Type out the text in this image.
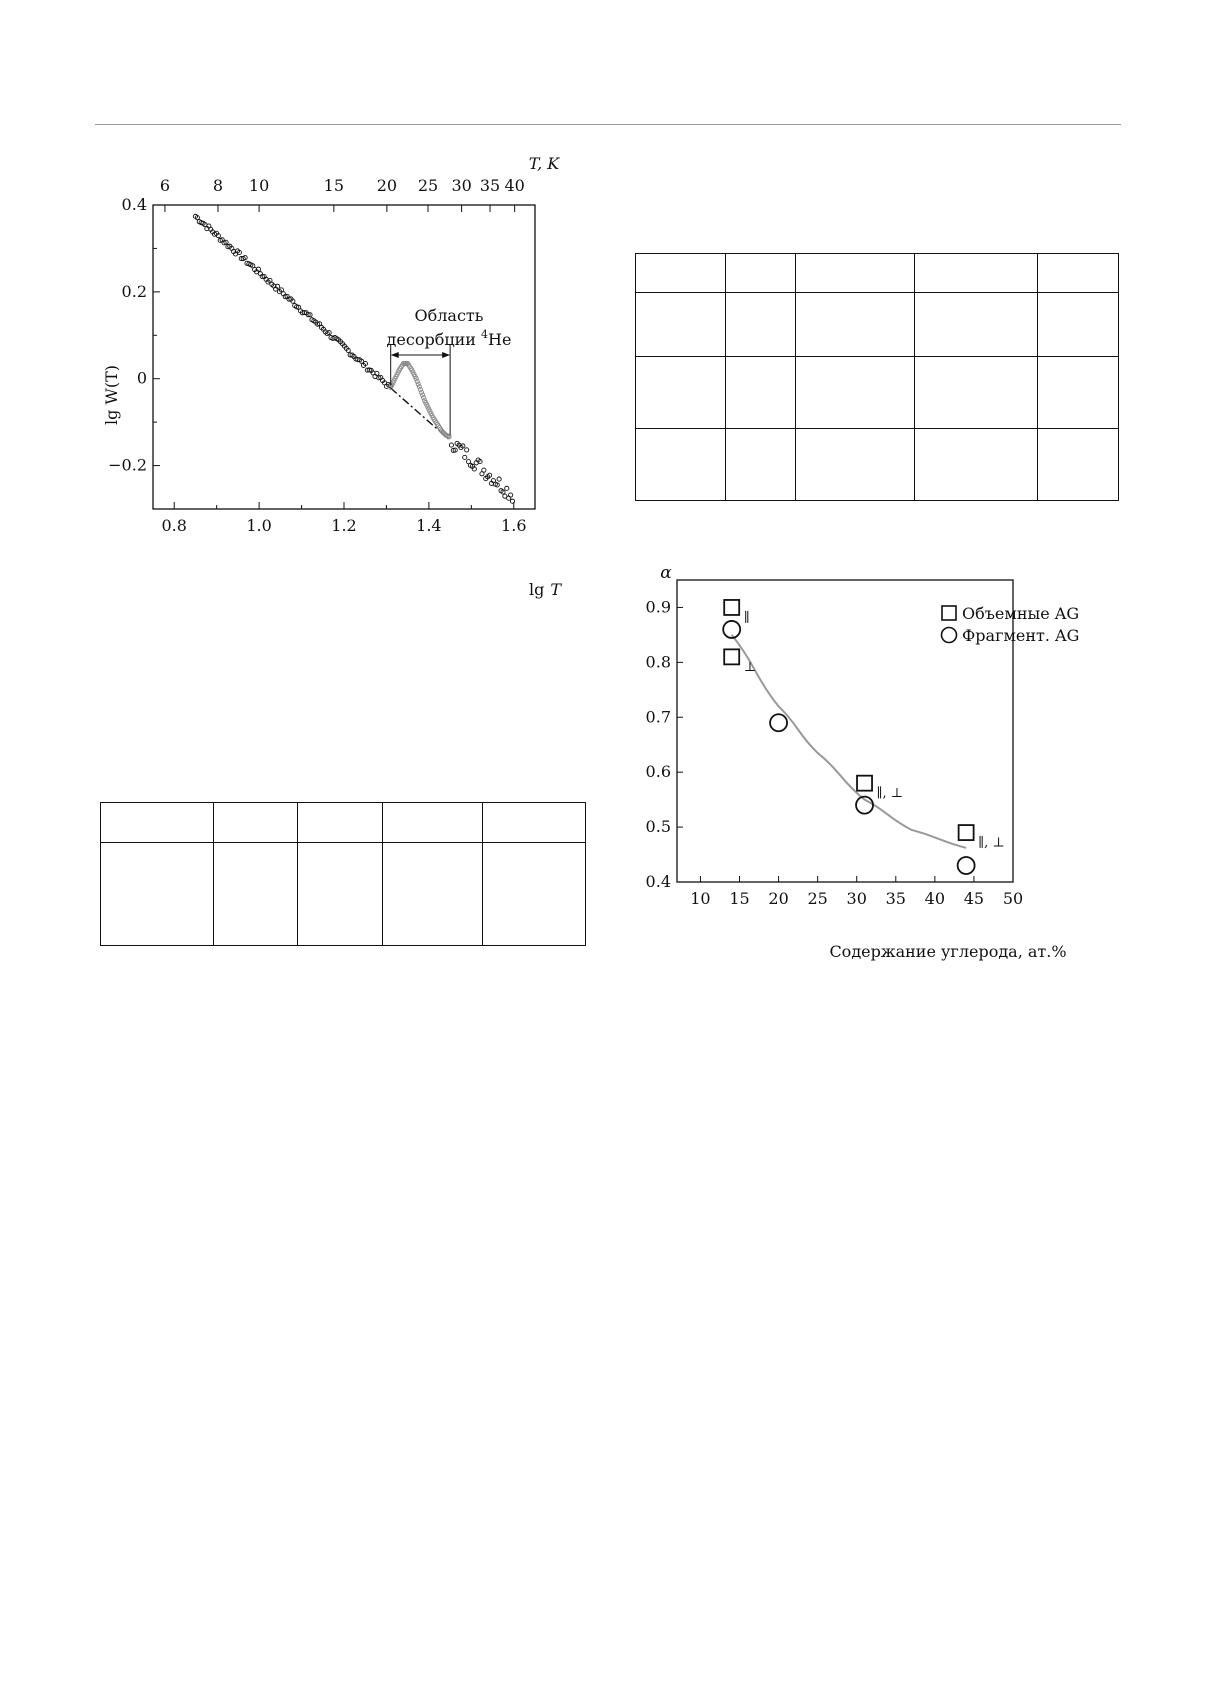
0.8	1.0	1.2	1.4	1.6
0.4
0.2
0
−0.2
6	8 10	15 20 25 30 35 40
T, K
lg W(T)
lg T
Область
десорбции $^4$He
10 15 20 25 30 35 40 45 50
0.9
0.8
0.7
0.6
0.5
0.4
∥
⊥
∥, ⊥
∥, ⊥
α
Содержание углерода, ат.%
Объемные AG
Фрагмент. AG
